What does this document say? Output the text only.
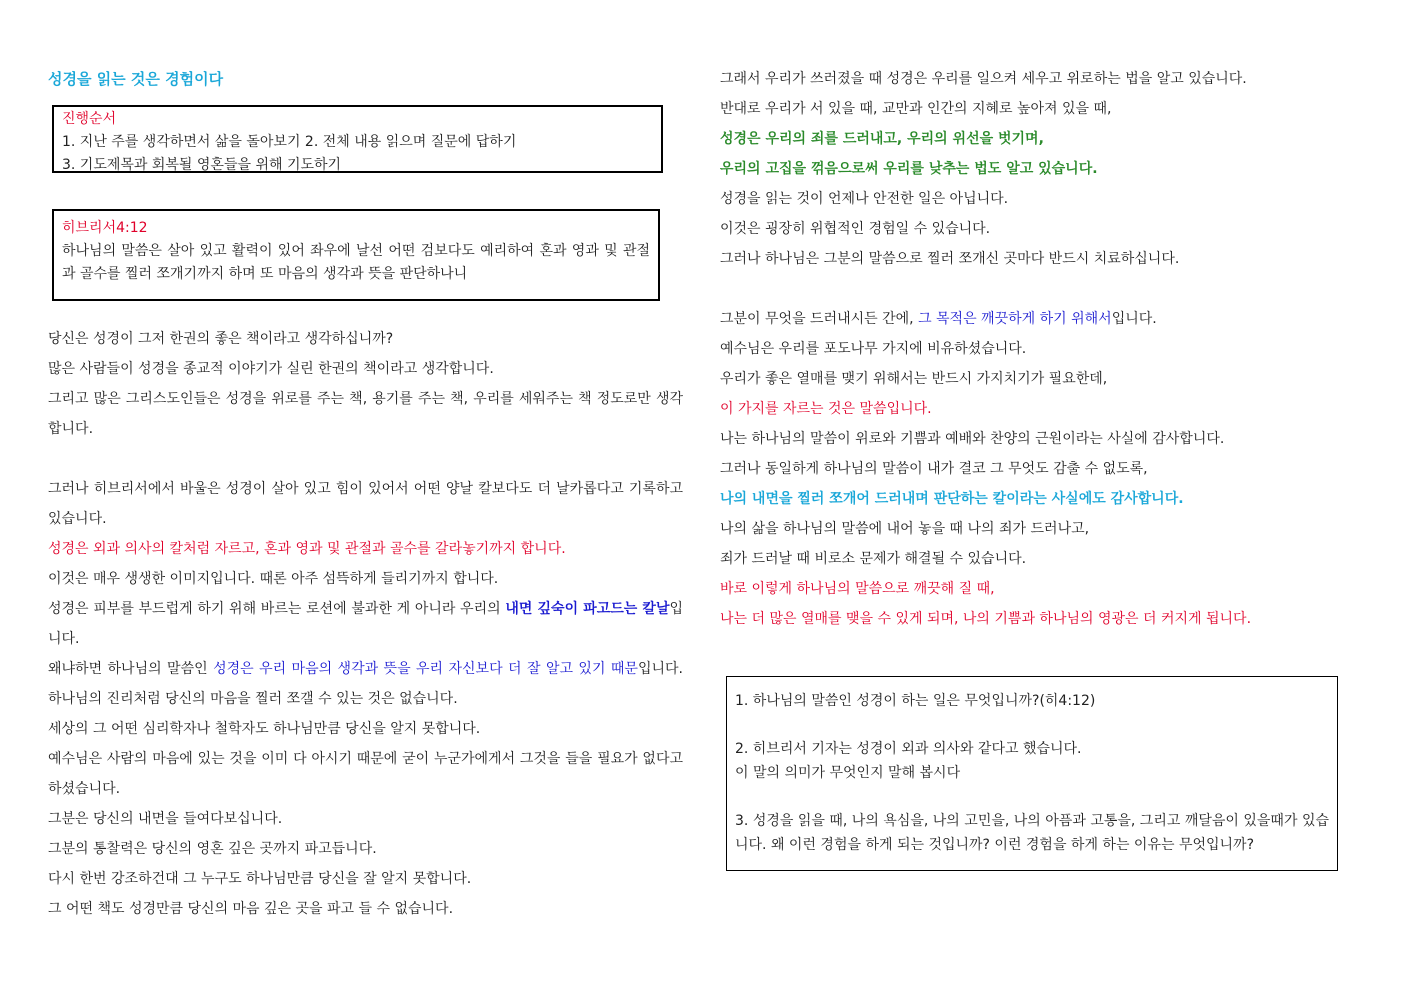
성경을 읽는 것은 경험이다
진행순서
1. 지난 주를 생각하면서 삶을 돌아보기 2. 전체 내용 읽으며 질문에 답하기
3. 기도제목과 회복될 영혼들을 위해 기도하기
히브리서4:12
하나님의 말씀은 살아 있고 활력이 있어 좌우에 날선 어떤 검보다도 예리하여 혼과 영과 및 관절과 골수를 찔러 쪼개기까지 하며 또 마음의 생각과 뜻을 판단하나니
당신은 성경이 그저 한권의 좋은 책이라고 생각하십니까?
많은 사람들이 성경을 종교적 이야기가 실린 한권의 책이라고 생각합니다.
그리고 많은 그리스도인들은 성경을 위로를 주는 책, 용기를 주는 책, 우리를 세워주는 책 정도로만 생각합니다.
그러나 히브리서에서 바울은 성경이 살아 있고 힘이 있어서 어떤 양날 칼보다도 더 날카롭다고 기록하고 있습니다.
성경은 외과 의사의 칼처럼 자르고, 혼과 영과 및 관절과 골수를 갈라놓기까지 합니다.
이것은 매우 생생한 이미지입니다. 때론 아주 섬뜩하게 들리기까지 합니다.
성경은 피부를 부드럽게 하기 위해 바르는 로션에 불과한 게 아니라 우리의 내면 깊숙이 파고드는 칼날입니다.
왜냐하면 하나님의 말씀인 성경은 우리 마음의 생각과 뜻을 우리 자신보다 더 잘 알고 있기 때문입니다. 하나님의 진리처럼 당신의 마음을 찔러 쪼갤 수 있는 것은 없습니다.
세상의 그 어떤 심리학자나 철학자도 하나님만큼 당신을 알지 못합니다.
예수님은 사람의 마음에 있는 것을 이미 다 아시기 때문에 굳이 누군가에게서 그것을 들을 필요가 없다고 하셨습니다.
그분은 당신의 내면을 들여다보십니다.
그분의 통찰력은 당신의 영혼 깊은 곳까지 파고듭니다.
다시 한번 강조하건대 그 누구도 하나님만큼 당신을 잘 알지 못합니다.
그 어떤 책도 성경만큼 당신의 마음 깊은 곳을 파고 들 수 없습니다.
그래서 우리가 쓰러졌을 때 성경은 우리를 일으켜 세우고 위로하는 법을 알고 있습니다.
반대로 우리가 서 있을 때, 교만과 인간의 지혜로 높아져 있을 때,
성경은 우리의 죄를 드러내고, 우리의 위선을 벗기며,
우리의 고집을 꺾음으로써 우리를 낮추는 법도 알고 있습니다.
성경을 읽는 것이 언제나 안전한 일은 아닙니다.
이것은 굉장히 위협적인 경험일 수 있습니다.
그러나 하나님은 그분의 말씀으로 찔러 쪼개신 곳마다 반드시 치료하십니다.
그분이 무엇을 드러내시든 간에, 그 목적은 깨끗하게 하기 위해서입니다.
예수님은 우리를 포도나무 가지에 비유하셨습니다.
우리가 좋은 열매를 맺기 위해서는 반드시 가지치기가 필요한데,
이 가지를 자르는 것은 말씀입니다.
나는 하나님의 말씀이 위로와 기쁨과 예배와 찬양의 근원이라는 사실에 감사합니다.
그러나 동일하게 하나님의 말씀이 내가 결코 그 무엇도 감출 수 없도록,
나의 내면을 찔러 쪼개어 드러내며 판단하는 칼이라는 사실에도 감사합니다.
나의 삶을 하나님의 말씀에 내어 놓을 때 나의 죄가 드러나고,
죄가 드러날 때 비로소 문제가 해결될 수 있습니다.
바로 이렇게 하나님의 말씀으로 깨끗해 질 때,
나는 더 많은 열매를 맺을 수 있게 되며, 나의 기쁨과 하나님의 영광은 더 커지게 됩니다.
1. 하나님의 말씀인 성경이 하는 일은 무엇입니까?(히4:12)
2. 히브리서 기자는 성경이 외과 의사와 같다고 했습니다.
이 말의 의미가 무엇인지 말해 봅시다
3. 성경을 읽을 때, 나의 욕심을, 나의 고민을, 나의 아픔과 고통을, 그리고 깨달음이 있을때가 있습니다. 왜 이런 경험을 하게 되는 것입니까? 이런 경험을 하게 하는 이유는 무엇입니까?
